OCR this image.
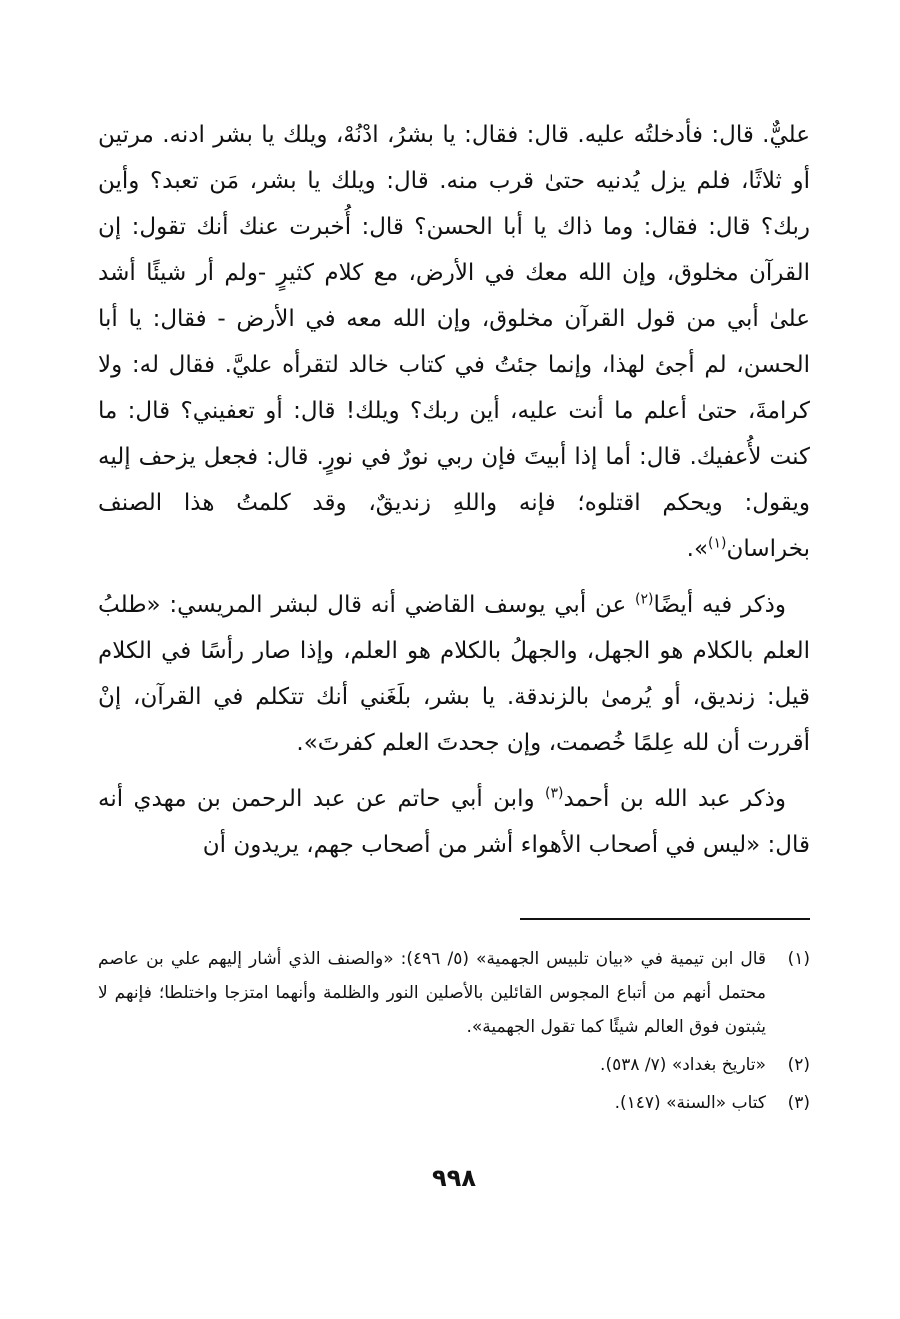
عليٌّ. قال: فأدخلتُه عليه. قال: فقال: يا بشرُ، ادْنُهْ، ويلك يا بشر ادنه. مرتين أو ثلاثًا، فلم يزل يُدنيه حتىٰ قرب منه. قال: ويلك يا بشر، مَن تعبد؟ وأين ربك؟ قال: فقال: وما ذاك يا أبا الحسن؟ قال: أُخبرت عنك أنك تقول: إن القرآن مخلوق، وإن الله معك في الأرض، مع كلام كثيرٍ -ولم أر شيئًا أشد علىٰ أبي من قول القرآن مخلوق، وإن الله معه في الأرض - فقال: يا أبا الحسن، لم أجئ لهذا، وإنما جئتُ في كتاب خالد لتقرأه عليَّ. فقال له: ولا كرامةَ، حتىٰ أعلم ما أنت عليه، أين ربك؟ ويلك! قال: أو تعفيني؟ قال: ما كنت لأُعفيك. قال: أما إذا أبيتَ فإن ربي نورٌ في نورٍ. قال: فجعل يزحف إليه ويقول: ويحكم اقتلوه؛ فإنه واللهِ زنديقٌ، وقد كلمتُ هذا الصنف بخراسان$^{(١)}$».

وذكر فيه أيضًا$^{(٢)}$ عن أبي يوسف القاضي أنه قال لبشر المريسي: «طلبُ العلم بالكلام هو الجهل، والجهلُ بالكلام هو العلم، وإذا صار رأسًا في الكلام قيل: زنديق، أو يُرمىٰ بالزندقة. يا بشر، بلَغَني أنك تتكلم في القرآن، إنْ أقررت أن لله عِلمًا خُصمت، وإن جحدتَ العلم كفرتَ».

وذكر عبد الله بن أحمد$^{(٣)}$ وابن أبي حاتم عن عبد الرحمن بن مهدي أنه قال: «ليس في أصحاب الأهواء أشر من أصحاب جهم، يريدون أن

(١)
قال ابن تيمية في «بيان تلبيس الجهمية» (٥/ ٤٩٦): «والصنف الذي أشار إليهم علي بن عاصم محتمل أنهم من أتباع المجوس القائلين بالأصلين النور والظلمة وأنهما امتزجا واختلطا؛ فإنهم لا يثبتون فوق العالم شيئًا كما تقول الجهمية».
(٢)
«تاريخ بغداد» (٧/ ٥٣٨).
(٣)
كتاب «السنة» (١٤٧).
٩٩٨
